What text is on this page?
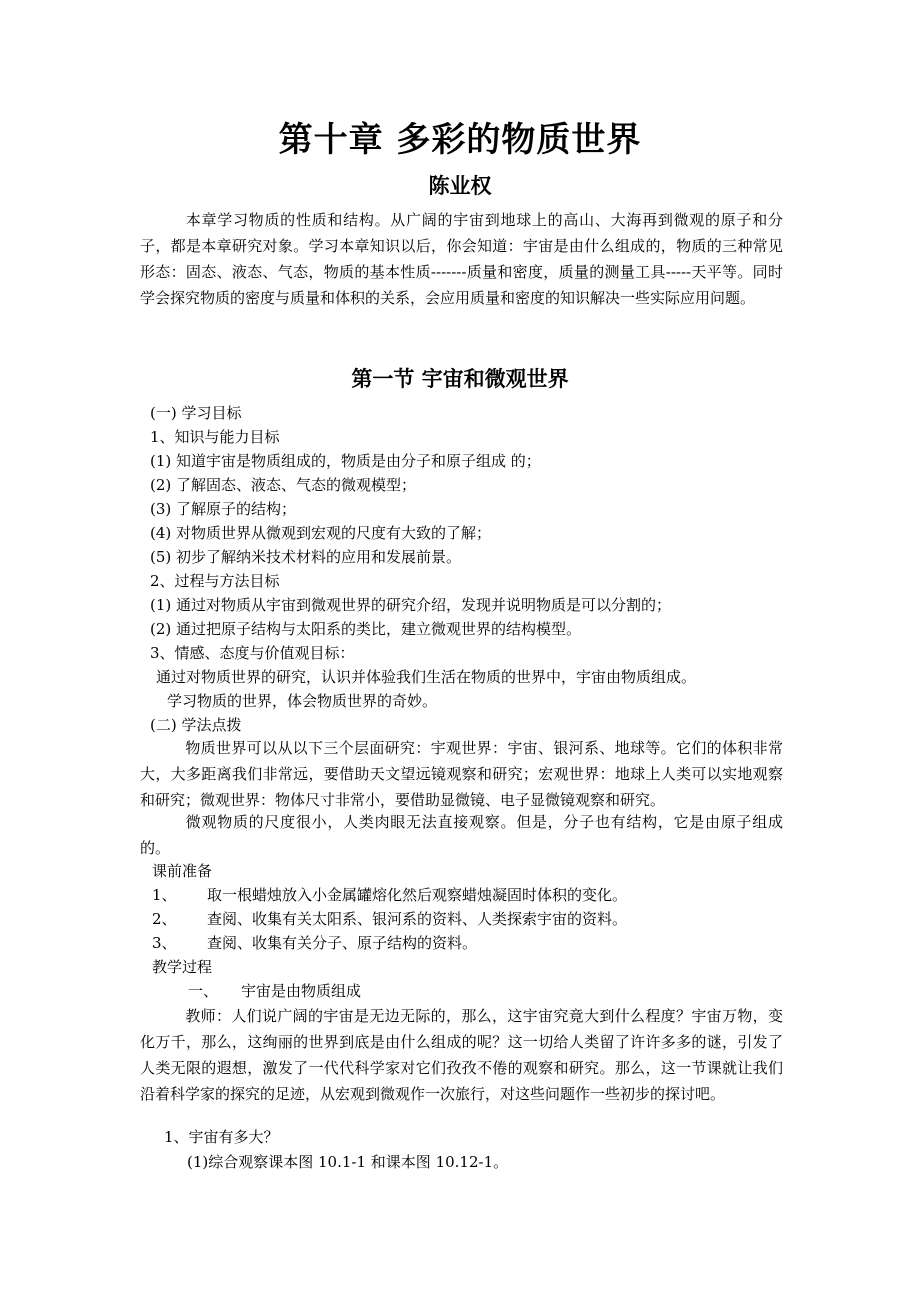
第十章 多彩的物质世界
陈业权
本章学习物质的性质和结构。从广阔的宇宙到地球上的高山、大海再到微观的原子和分子，都是本章研究对象。学习本章知识以后，你会知道：宇宙是由什么组成的，物质的三种常见形态：固态、液态、气态，物质的基本性质-------质量和密度，质量的测量工具-----天平等。同时学会探究物质的密度与质量和体积的关系，会应用质量和密度的知识解决一些实际应用问题。
第一节 宇宙和微观世界
(一) 学习目标
1、知识与能力目标
(1) 知道宇宙是物质组成的，物质是由分子和原子组成 的；
(2) 了解固态、液态、气态的微观模型；
(3) 了解原子的结构；
(4) 对物质世界从微观到宏观的尺度有大致的了解；
(5) 初步了解纳米技术材料的应用和发展前景。
2、过程与方法目标
(1) 通过对物质从宇宙到微观世界的研究介绍，发现并说明物质是可以分割的；
(2) 通过把原子结构与太阳系的类比，建立微观世界的结构模型。
3、情感、态度与价值观目标：
通过对物质世界的研究，认识并体验我们生活在物质的世界中，宇宙由物质组成。
学习物质的世界，体会物质世界的奇妙。
(二) 学法点拨
物质世界可以从以下三个层面研究：宇观世界：宇宙、银河系、地球等。它们的体积非常大，大多距离我们非常远，要借助天文望远镜观察和研究；宏观世界：地球上人类可以实地观察和研究；微观世界：物体尺寸非常小，要借助显微镜、电子显微镜观察和研究。
微观物质的尺度很小，人类肉眼无法直接观察。但是，分子也有结构，它是由原子组成的。
课前准备
1、 取一根蜡烛放入小金属罐熔化然后观察蜡烛凝固时体积的变化。
2、 查阅、收集有关太阳系、银河系的资料、人类探索宇宙的资料。
3、 查阅、收集有关分子、原子结构的资料。
教学过程
一、 宇宙是由物质组成
教师：人们说广阔的宇宙是无边无际的，那么，这宇宙究竟大到什么程度？宇宙万物，变化万千，那么，这绚丽的世界到底是由什么组成的呢？这一切给人类留了许许多多的谜，引发了人类无限的遐想，激发了一代代科学家对它们孜孜不倦的观察和研究。那么，这一节课就让我们沿着科学家的探究的足迹，从宏观到微观作一次旅行，对这些问题作一些初步的探讨吧。
1、宇宙有多大？
(1)综合观察课本图 10.1-1 和课本图 10.12-1。
